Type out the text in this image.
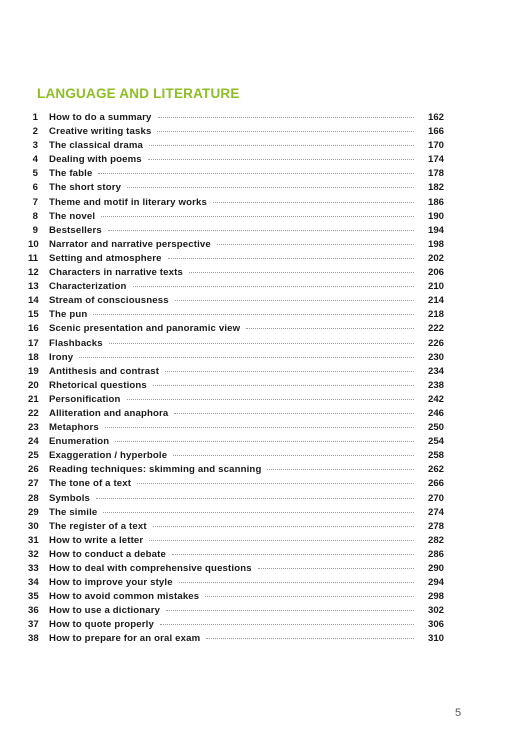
LANGUAGE AND LITERATURE
1	How to do a summary	162
2	Creative writing tasks	166
3	The classical drama	170
4	Dealing with poems	174
5	The fable	178
6	The short story	182
7	Theme and motif in literary works	186
8	The novel	190
9	Bestsellers	194
10	Narrator and narrative perspective	198
11	Setting and atmosphere	202
12	Characters in narrative texts	206
13	Characterization	210
14	Stream of consciousness	214
15	The pun	218
16	Scenic presentation and panoramic view	222
17	Flashbacks	226
18	Irony	230
19	Antithesis and contrast	234
20	Rhetorical questions	238
21	Personification	242
22	Alliteration and anaphora	246
23	Metaphors	250
24	Enumeration	254
25	Exaggeration / hyperbole	258
26	Reading techniques: skimming and scanning	262
27	The tone of a text	266
28	Symbols	270
29	The simile	274
30	The register of a text	278
31	How to write a letter	282
32	How to conduct a debate	286
33	How to deal with comprehensive questions	290
34	How to improve your style	294
35	How to avoid common mistakes	298
36	How to use a dictionary	302
37	How to quote properly	306
38	How to prepare for an oral exam	310
5
